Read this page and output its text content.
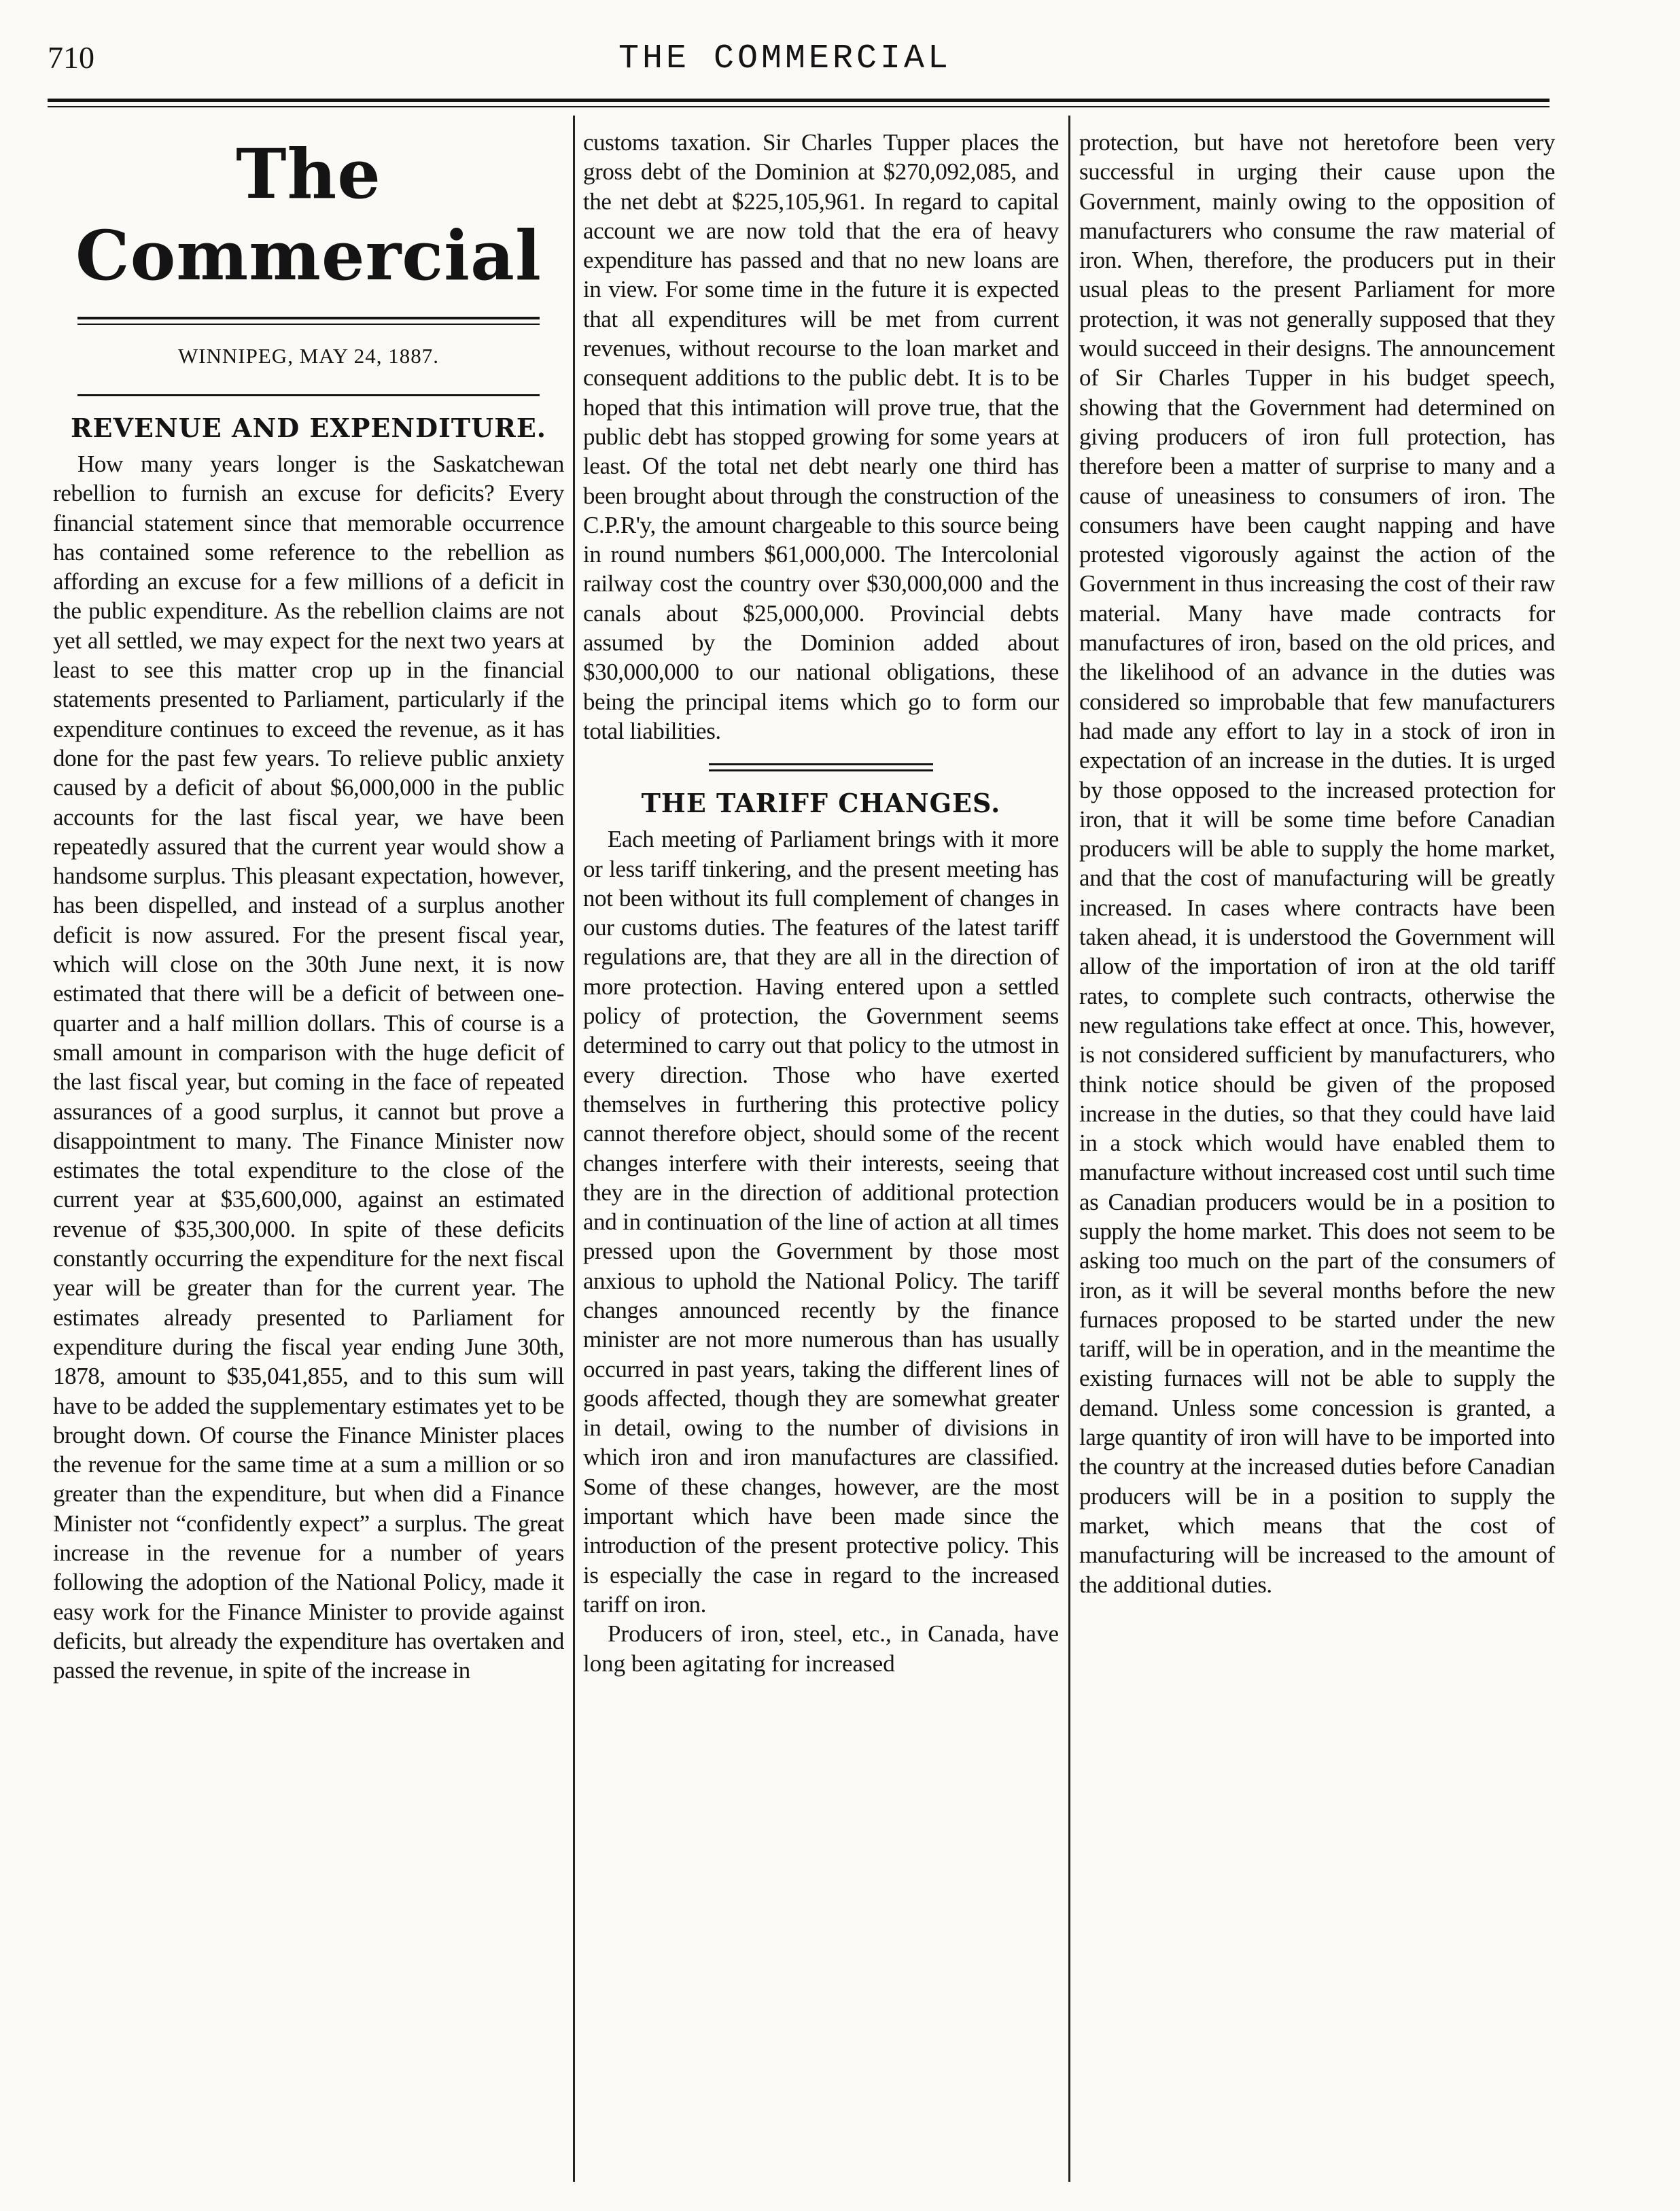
710	THE COMMERCIAL
The Commercial
WINNIPEG, MAY 24, 1887.
REVENUE AND EXPENDITURE.

How many years longer is the Saskatchewan rebellion to furnish an excuse for deficits? Every financial statement since that memorable occurrence has contained some reference to the rebellion as affording an excuse for a few millions of a deficit in the public expenditure. As the rebellion claims are not yet all settled, we may expect for the next two years at least to see this matter crop up in the financial statements presented to Parliament, particularly if the expenditure continues to exceed the revenue, as it has done for the past few years. To relieve public anxiety caused by a deficit of about $6,000,000 in the public accounts for the last fiscal year, we have been repeatedly assured that the current year would show a handsome surplus. This pleasant expectation, however, has been dispelled, and instead of a surplus another deficit is now assured. For the present fiscal year, which will close on the 30th June next, it is now estimated that there will be a deficit of between one-quarter and a half million dollars. This of course is a small amount in comparison with the huge deficit of the last fiscal year, but coming in the face of repeated assurances of a good surplus, it cannot but prove a disappointment to many. The Finance Minister now estimates the total expenditure to the close of the current year at $35,600,000, against an estimated revenue of $35,300,000. In spite of these deficits constantly occurring the expenditure for the next fiscal year will be greater than for the current year. The estimates already presented to Parliament for expenditure during the fiscal year ending June 30th, 1878, amount to $35,041,855, and to this sum will have to be added the supplementary estimates yet to be brought down. Of course the Finance Minister places the revenue for the same time at a sum a million or so greater than the expenditure, but when did a Finance Minister not “confidently expect” a surplus. The great increase in the revenue for a number of years following the adoption of the National Policy, made it easy work for the Finance Minister to provide against deficits, but already the expenditure has overtaken and passed the revenue, in spite of the increase in

customs taxation. Sir Charles Tupper places the gross debt of the Dominion at $270,092,085, and the net debt at $225,105,961. In regard to capital account we are now told that the era of heavy expenditure has passed and that no new loans are in view. For some time in the future it is expected that all expenditures will be met from current revenues, without recourse to the loan market and consequent additions to the public debt. It is to be hoped that this intimation will prove true, that the public debt has stopped growing for some years at least. Of the total net debt nearly one third has been brought about through the construction of the C.P.R'y, the amount chargeable to this source being in round numbers $61,000,000. The Intercolonial railway cost the country over $30,000,000 and the canals about $25,000,000. Provincial debts assumed by the Dominion added about $30,000,000 to our national obligations, these being the principal items which go to form our total liabilities.

THE TARIFF CHANGES.

Each meeting of Parliament brings with it more or less tariff tinkering, and the present meeting has not been without its full complement of changes in our customs duties. The features of the latest tariff regulations are, that they are all in the direction of more protection. Having entered upon a settled policy of protection, the Government seems determined to carry out that policy to the utmost in every direction. Those who have exerted themselves in furthering this protective policy cannot therefore object, should some of the recent changes interfere with their interests, seeing that they are in the direction of additional protection and in continuation of the line of action at all times pressed upon the Government by those most anxious to uphold the National Policy. The tariff changes announced recently by the finance minister are not more numerous than has usually occurred in past years, taking the different lines of goods affected, though they are somewhat greater in detail, owing to the number of divisions in which iron and iron manufactures are classified. Some of these changes, however, are the most important which have been made since the introduction of the present protective policy. This is especially the case in regard to the increased tariff on iron.

Producers of iron, steel, etc., in Canada, have long been agitating for increased

protection, but have not heretofore been very successful in urging their cause upon the Government, mainly owing to the opposition of manufacturers who consume the raw material of iron. When, therefore, the producers put in their usual pleas to the present Parliament for more protection, it was not generally supposed that they would succeed in their designs. The announcement of Sir Charles Tupper in his budget speech, showing that the Government had determined on giving producers of iron full protection, has therefore been a matter of surprise to many and a cause of uneasiness to consumers of iron. The consumers have been caught napping and have protested vigorously against the action of the Government in thus increasing the cost of their raw material. Many have made contracts for manufactures of iron, based on the old prices, and the likelihood of an advance in the duties was considered so improbable that few manufacturers had made any effort to lay in a stock of iron in expectation of an increase in the duties. It is urged by those opposed to the increased protection for iron, that it will be some time before Canadian producers will be able to supply the home market, and that the cost of manufacturing will be greatly increased. In cases where contracts have been taken ahead, it is understood the Government will allow of the importation of iron at the old tariff rates, to complete such contracts, otherwise the new regulations take effect at once. This, however, is not considered sufficient by manufacturers, who think notice should be given of the proposed increase in the duties, so that they could have laid in a stock which would have enabled them to manufacture without increased cost until such time as Canadian producers would be in a position to supply the home market. This does not seem to be asking too much on the part of the consumers of iron, as it will be several months before the new furnaces proposed to be started under the new tariff, will be in operation, and in the meantime the existing furnaces will not be able to supply the demand. Unless some concession is granted, a large quantity of iron will have to be imported into the country at the increased duties before Canadian producers will be in a position to supply the market, which means that the cost of manufacturing will be increased to the amount of the additional duties.
